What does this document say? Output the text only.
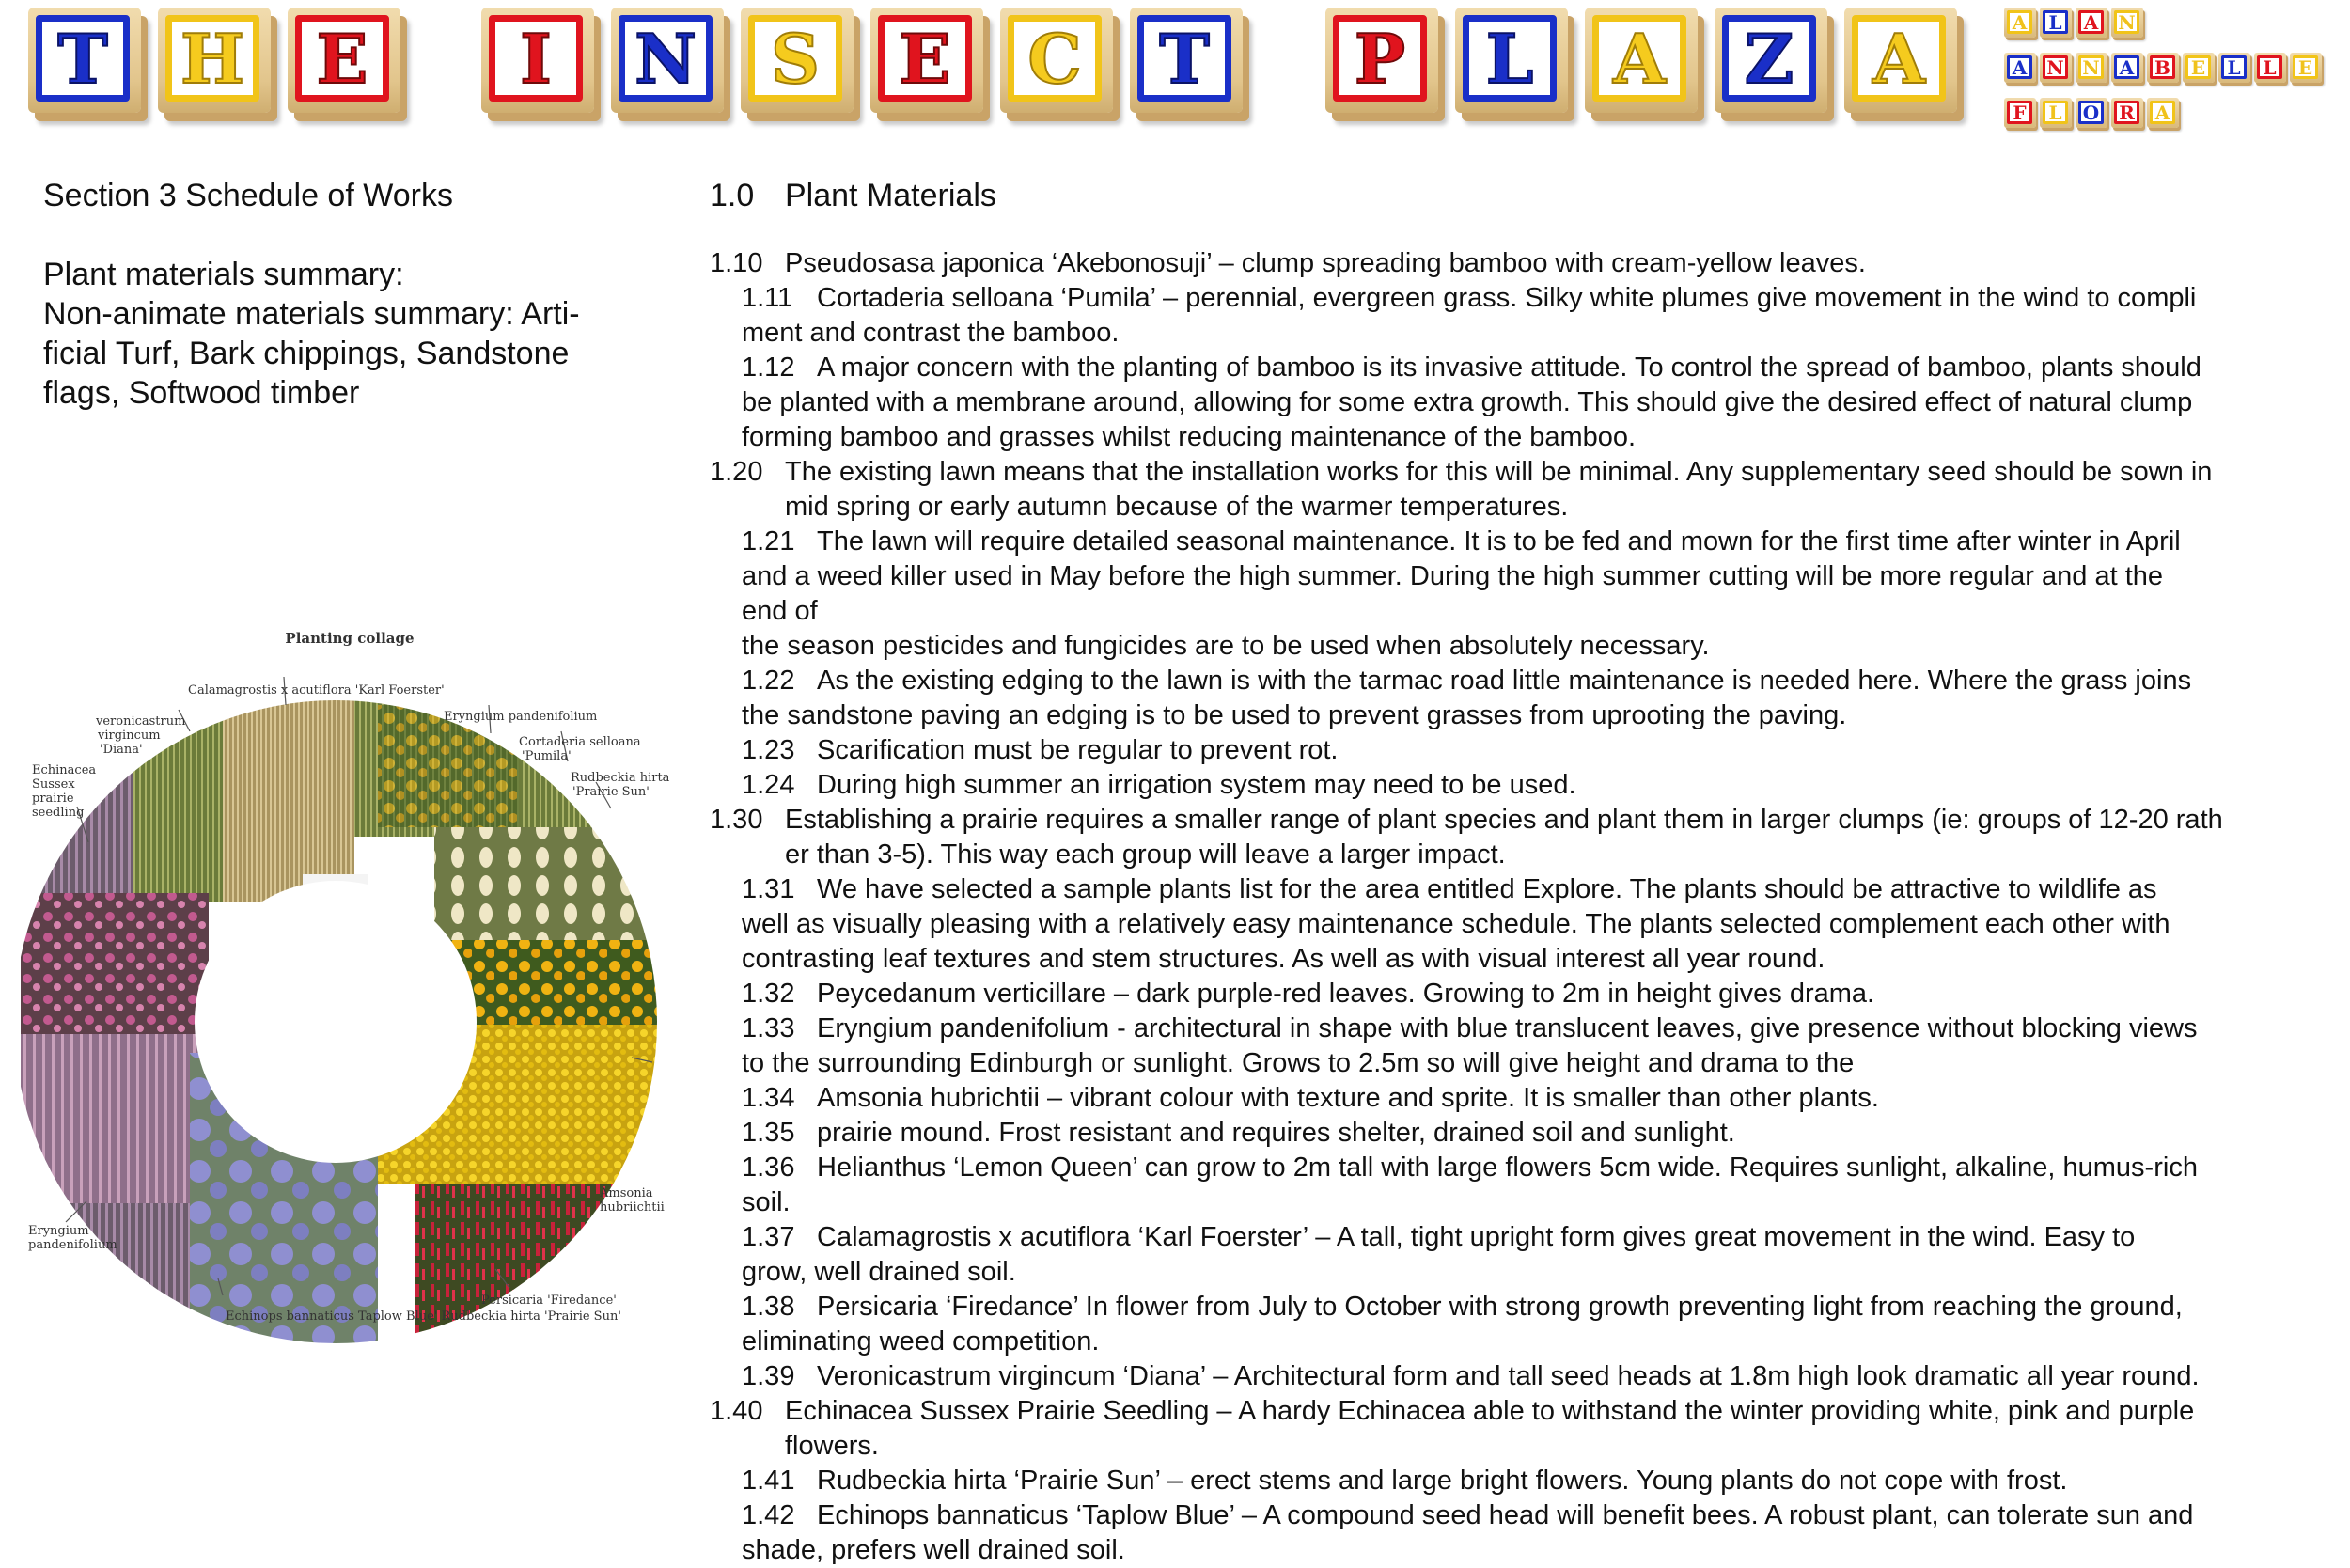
T H E I N S E C T P L A Z A	A L A N
A N N A B E L L E
F L O R A
Section 3 Schedule of Works
Plant materials summary:
Non-animate materials summary: Arti-
ficial Turf, Bark chippings, Sandstone
flags, Softwood timber
Planting collage
Calamagrostis x acutiflora 'Karl Foerster'
Eryngium pandenifolium
veronicastrum
virgincum
'Diana'
Cortaderia selloana
'Pumila'
Echinacea
Sussex
prairie
seedling
Rudbeckia hirta
'Prairie Sun'
Amsonia
hubriichtii
Eryngium
pandenifolium
Persicaria 'Firedance'
Echinops bannaticus Taplow Blue' Rudbeckia hirta 'Prairie Sun'
1.0 Plant Materials
1.10 Pseudosasa japonica ‘Akebonosuji’ – clump spreading bamboo with cream-yellow leaves.
1.11 Cortaderia selloana ‘Pumila’ – perennial, evergreen grass. Silky white plumes give movement in the wind to compli
ment and contrast the bamboo.
1.12 A major concern with the planting of bamboo is its invasive attitude. To control the spread of bamboo, plants should
be planted with a membrane around, allowing for some extra growth. This should give the desired effect of natural clump
forming bamboo and grasses whilst reducing maintenance of the bamboo.
1.20 The existing lawn means that the installation works for this will be minimal. Any supplementary seed should be sown in
mid spring or early autumn because of the warmer temperatures.
1.21 The lawn will require detailed seasonal maintenance. It is to be fed and mown for the first time after winter in April
and a weed killer used in May before the high summer. During the high summer cutting will be more regular and at the
end of
the season pesticides and fungicides are to be used when absolutely necessary.
1.22 As the existing edging to the lawn is with the tarmac road little maintenance is needed here. Where the grass joins
the sandstone paving an edging is to be used to prevent grasses from uprooting the paving.
1.23 Scarification must be regular to prevent rot.
1.24 During high summer an irrigation system may need to be used.
1.30 Establishing a prairie requires a smaller range of plant species and plant them in larger clumps (ie: groups of 12-20 rath
er than 3-5). This way each group will leave a larger impact.
1.31 We have selected a sample plants list for the area entitled Explore. The plants should be attractive to wildlife as
well as visually pleasing with a relatively easy maintenance schedule. The plants selected complement each other with
contrasting leaf textures and stem structures. As well as with visual interest all year round.
1.32 Peycedanum verticillare – dark purple-red leaves. Growing to 2m in height gives drama.
1.33 Eryngium pandenifolium - architectural in shape with blue translucent leaves, give presence without blocking views
to the surrounding Edinburgh or sunlight. Grows to 2.5m so will give height and drama to the
1.34 Amsonia hubrichtii – vibrant colour with texture and sprite. It is smaller than other plants.
1.35 prairie mound. Frost resistant and requires shelter, drained soil and sunlight.
1.36 Helianthus ‘Lemon Queen’ can grow to 2m tall with large flowers 5cm wide. Requires sunlight, alkaline, humus-rich
soil.
1.37 Calamagrostis x acutiflora ‘Karl Foerster’ – A tall, tight upright form gives great movement in the wind. Easy to
grow, well drained soil.
1.38 Persicaria ‘Firedance’ In flower from July to October with strong growth preventing light from reaching the ground,
eliminating weed competition.
1.39 Veronicastrum virgincum ‘Diana’ – Architectural form and tall seed heads at 1.8m high look dramatic all year round.
1.40 Echinacea Sussex Prairie Seedling – A hardy Echinacea able to withstand the winter providing white, pink and purple
flowers.
1.41 Rudbeckia hirta ‘Prairie Sun’ – erect stems and large bright flowers. Young plants do not cope with frost.
1.42 Echinops bannaticus ‘Taplow Blue’ – A compound seed head will benefit bees. A robust plant, can tolerate sun and
shade, prefers well drained soil.
